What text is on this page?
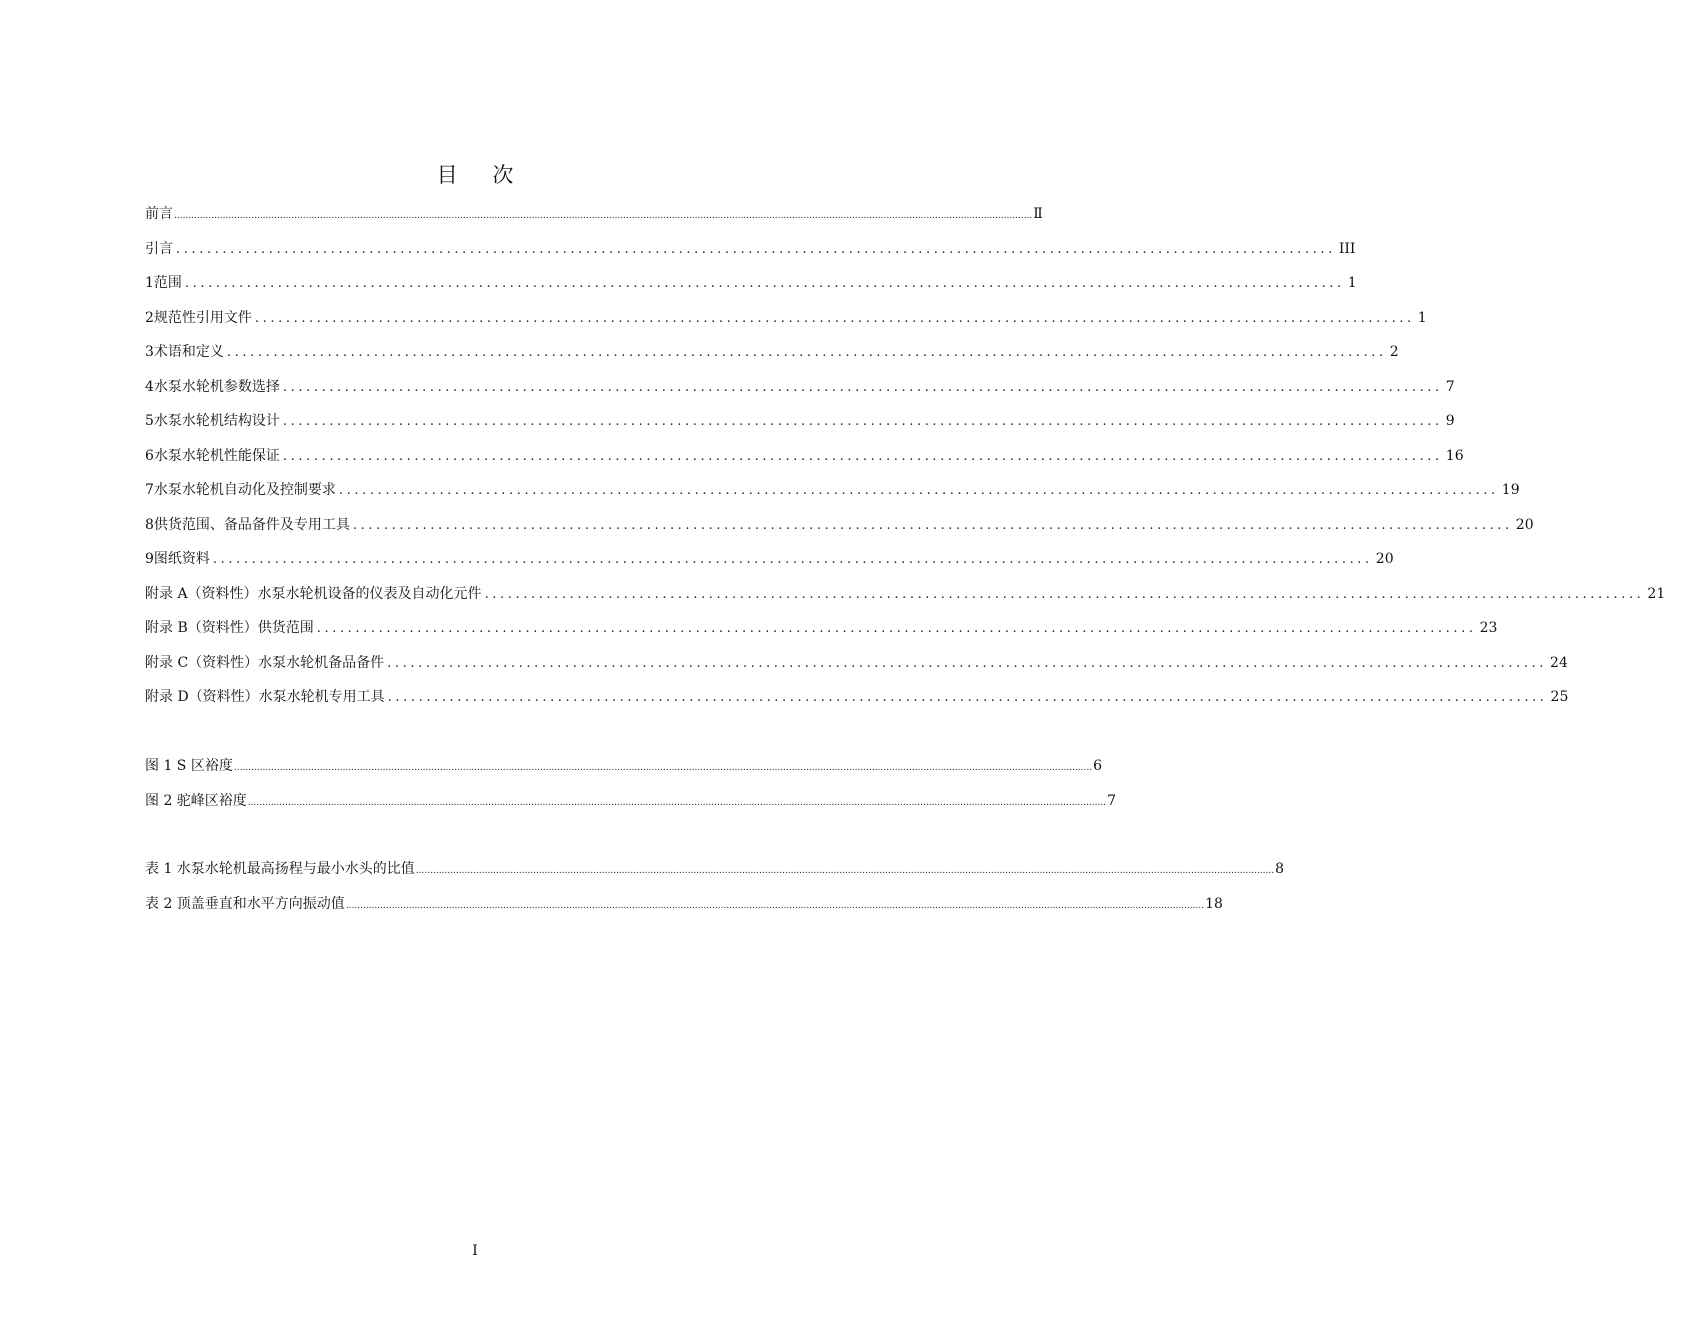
目 次
前言 ............................................................................................................................................................................................................................................................................................................ Ⅱ
引言 ...................................................................................................................................................... III
1 范围 ...................................................................................................................................................... 1
2 规范性引用文件 ...................................................................................................................................................... 1
3 术语和定义 ...................................................................................................................................................... 2
4 水泵水轮机参数选择 ...................................................................................................................................................... 7
5 水泵水轮机结构设计 ...................................................................................................................................................... 9
6 水泵水轮机性能保证 ...................................................................................................................................................... 16
7 水泵水轮机自动化及控制要求 ...................................................................................................................................................... 19
8 供货范围、备品备件及专用工具 ...................................................................................................................................................... 20
9 图纸资料 ...................................................................................................................................................... 20
附录 A（资料性）水泵水轮机设备的仪表及自动化元件 ...................................................................................................................................................... 21
附录 B（资料性）供货范围 ...................................................................................................................................................... 23
附录 C（资料性）水泵水轮机备品备件 ...................................................................................................................................................... 24
附录 D（资料性）水泵水轮机专用工具 ...................................................................................................................................................... 25
图 1 S 区裕度 ............................................................................................................................................................................................................................................................................................................ 6
图 2 驼峰区裕度 ............................................................................................................................................................................................................................................................................................................ 7
表 1 水泵水轮机最高扬程与最小水头的比值 ............................................................................................................................................................................................................................................................................................................ 8
表 2 顶盖垂直和水平方向振动值 ............................................................................................................................................................................................................................................................................................................ 18
I
